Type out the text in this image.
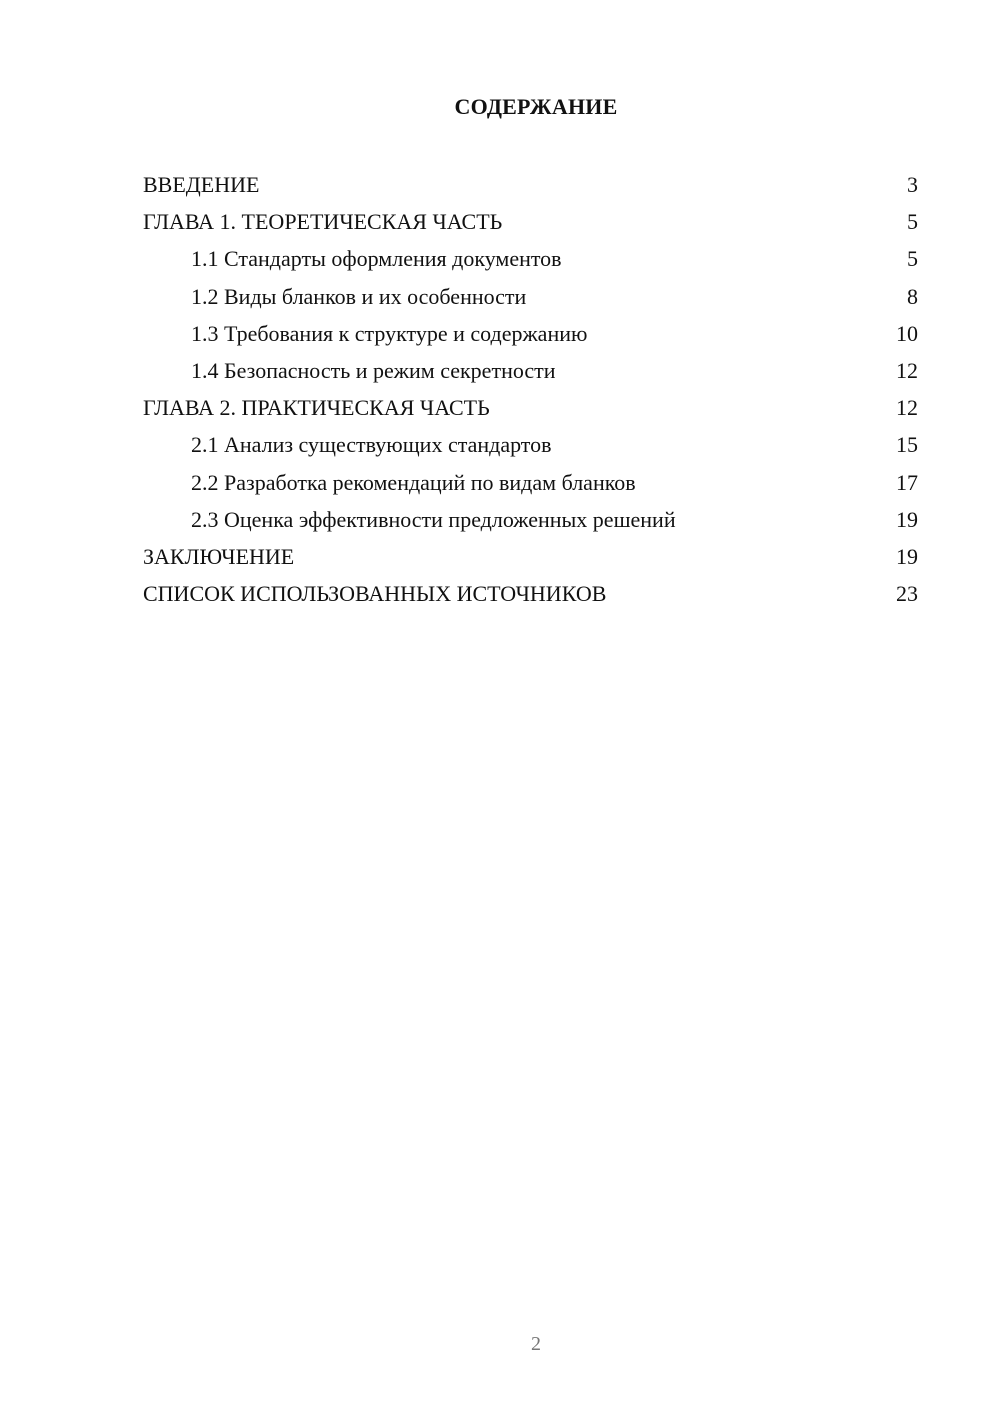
СОДЕРЖАНИЕ
ВВЕДЕНИЕ	3
ГЛАВА 1. ТЕОРЕТИЧЕСКАЯ ЧАСТЬ	5
1.1 Стандарты оформления документов	5
1.2 Виды бланков и их особенности	8
1.3 Требования к структуре и содержанию	10
1.4 Безопасность и режим секретности	12
ГЛАВА 2. ПРАКТИЧЕСКАЯ ЧАСТЬ	12
2.1 Анализ существующих стандартов	15
2.2 Разработка рекомендаций по видам бланков	17
2.3 Оценка эффективности предложенных решений	19
ЗАКЛЮЧЕНИЕ	19
СПИСОК ИСПОЛЬЗОВАННЫХ ИСТОЧНИКОВ	23
2
